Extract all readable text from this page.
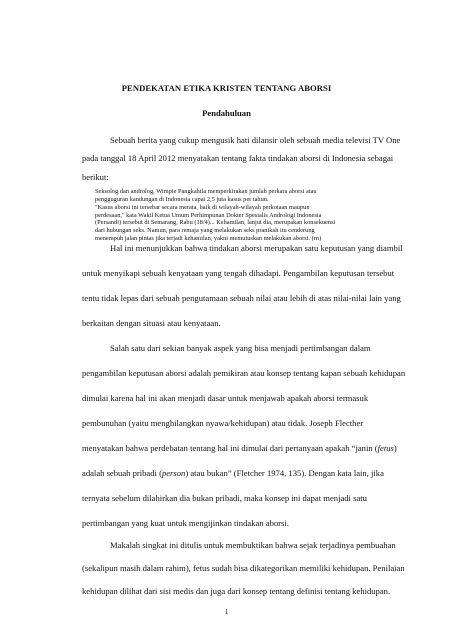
PENDEKATAN ETIKA KRISTEN TENTANG ABORSI
Pendahuluan
Sebuah berita yang cukup mengusik hati dilansir oleh sebuah media televisi TV One
pada tanggal 18 April 2012 menyatakan tentang fakta tindakan aborsi di Indonesia sebagai
berikut:
Seksolog dan androlog, Wimpie Pangkahila memperkirakan jumlah perkara aborsi atau
pengguguran kandungan di Indonesia capai 2,5 juta kasus per tahun.
"Kasus aborsi ini tersebar secara merata, baik di wilayah-wilayah perkotaan maupun
perdesaan," kata Wakil Ketua Umum Perhimpunan Dokter Spesialis Andrologi Indonesia
(Persandi) tersebut di Semarang, Rabu (18/4)... Kehamilan, lanjut dia, merupakan konsekuensi
dari hubungan seks. Namun, para remaja yang melakukan seks pranikah itu cenderung
menempuh jalan pintas jika terjadi kehamilan, yakni memutuskan melakukan aborsi. (rn)
Hal ini menunjukkan bahwa tindakan aborsi merupakan satu keputusan yang diambil
untuk menyikapi sebuah kenyataan yang tengah dihadapi. Pengambilan keputusan tersebut
tentu tidak lepas dari sebuah pengutamaan sebuah nilai atau lebih di atas nilai-nilai lain yang
berkaitan dengan situasi atau kenyataan.
Salah satu dari sekian banyak aspek yang bisa menjadi pertimbangan dalam
pengambilan keputusan aborsi adalah pemikiran atau konsep tentang kapan sebuah kehidupan
dimulai karena hal ini akan menjadi dasar untuk menjawab apakah aborsi termasuk
pembunuhan (yaitu menghilangkan nyawa/kehidupan) atau tidak. Joseph Flecther
menyatakan bahwa perdebatan tentang hal ini dimulai dari pertanyaan apakah “janin (fetus)
adalah sebuah pribadi (person) atau bukan” (Fletcher 1974, 135). Dengan kata lain, jika
ternyata sebelum dilahirkan dia bukan pribadi, maka konsep ini dapat menjadi satu
pertimbangan yang kuat untuk mengijinkan tindakan aborsi.
Makalah singkat ini ditulis untuk membuktikan bahwa sejak terjadinya pembuahan
(sekalipun masih dalam rahim), fetus sudah bisa dikategorikan memiliki kehidupan. Penilaian
1
kehidupan dilihat dari sisi medis dan juga dari konsep tentang definisi tentang kehidupan.
